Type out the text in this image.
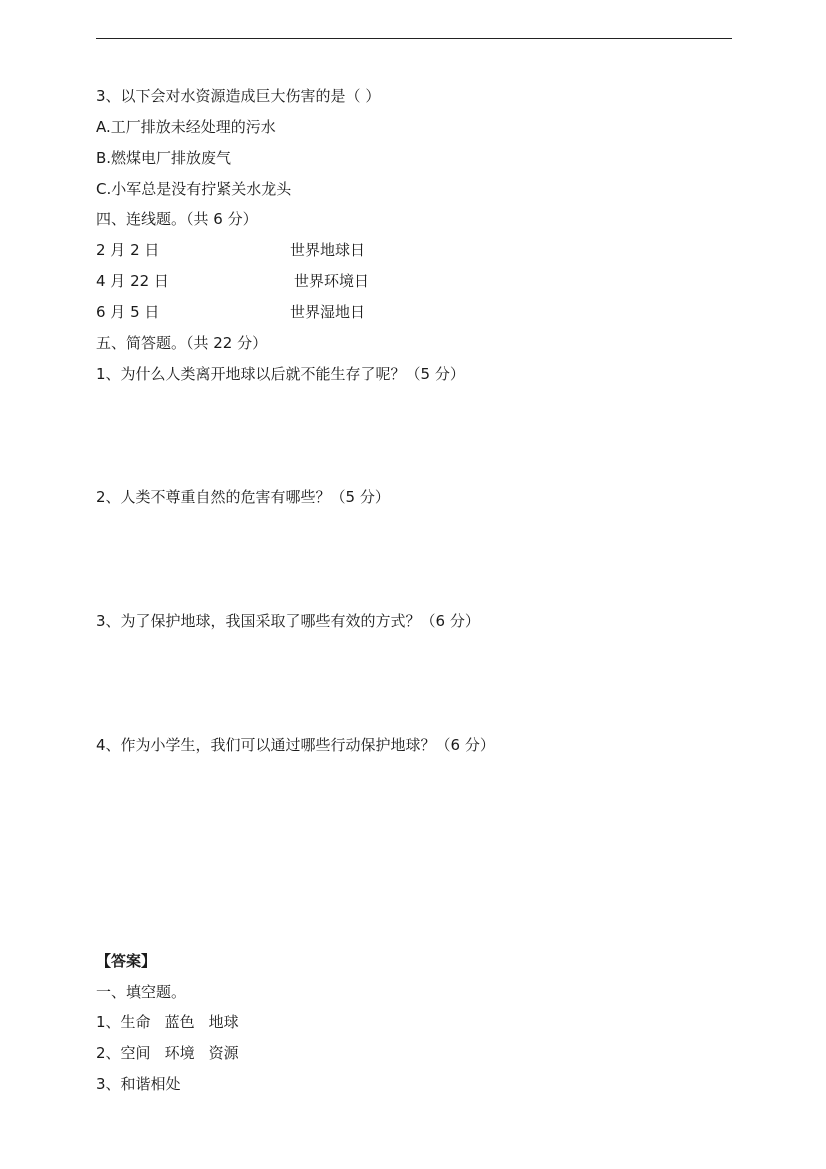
3、以下会对水资源造成巨大伤害的是（ ）
A.工厂排放未经处理的污水
B.燃煤电厂排放废气
C.小军总是没有拧紧关水龙头
四、连线题。（共 6 分）
2 月 2 日	世界地球日
4 月 22 日	世界环境日
6 月 5 日	世界湿地日
五、简答题。（共 22 分）
1、为什么人类离开地球以后就不能生存了呢？（5 分）
2、人类不尊重自然的危害有哪些？（5 分）
3、为了保护地球，我国采取了哪些有效的方式？（6 分）
4、作为小学生，我们可以通过哪些行动保护地球？（6 分）
【答案】
一、填空题。
1、生命 蓝色 地球
2、空间 环境 资源
3、和谐相处
